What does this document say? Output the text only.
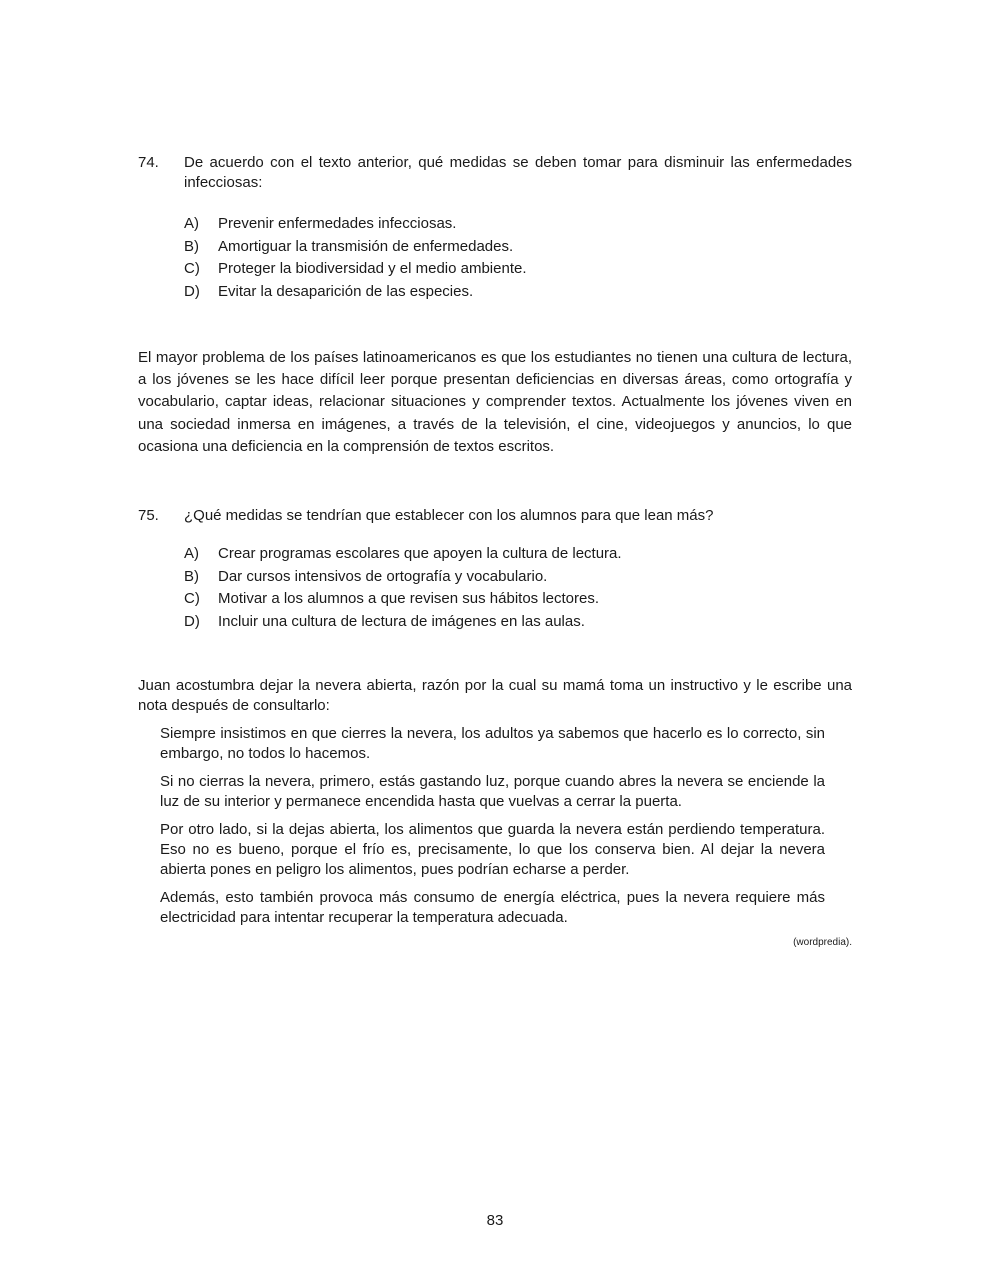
74.	De acuerdo con el texto anterior, qué medidas se deben tomar para disminuir las enfermedades infecciosas:
A)	Prevenir enfermedades infecciosas.
B)	Amortiguar la transmisión de enfermedades.
C)	Proteger la biodiversidad y el medio ambiente.
D)	Evitar la desaparición de las especies.
El mayor problema de los países latinoamericanos es que los estudiantes no tienen una cultura de lectura, a los jóvenes se les hace difícil leer porque presentan deficiencias en diversas áreas, como ortografía y vocabulario, captar ideas, relacionar situaciones y comprender textos. Actualmente los jóvenes viven en una sociedad inmersa en imágenes, a través de la televisión, el cine, videojuegos y anuncios, lo que ocasiona una deficiencia en la comprensión de textos escritos.
75.	¿Qué medidas se tendrían que establecer con los alumnos para que lean más?
A)	Crear programas escolares que apoyen la cultura de lectura.
B)	Dar cursos intensivos de ortografía y vocabulario.
C)	Motivar a los alumnos a que revisen sus hábitos lectores.
D)	Incluir una cultura de lectura de imágenes en las aulas.
Juan acostumbra dejar la nevera abierta, razón por la cual su mamá toma un instructivo y le escribe una nota después de consultarlo:

Siempre insistimos en que cierres la nevera, los adultos ya sabemos que hacerlo es lo correcto, sin embargo, no todos lo hacemos.

Si no cierras la nevera, primero, estás gastando luz, porque cuando abres la nevera se enciende la luz de su interior y permanece encendida hasta que vuelvas a cerrar la puerta.

Por otro lado, si la dejas abierta, los alimentos que guarda la nevera están perdiendo temperatura. Eso no es bueno, porque el frío es, precisamente, lo que los conserva bien. Al dejar la nevera abierta pones en peligro los alimentos, pues podrían echarse a perder.

Además, esto también provoca más consumo de energía eléctrica, pues la nevera requiere más electricidad para intentar recuperar la temperatura adecuada.

(wordpredia).
83
